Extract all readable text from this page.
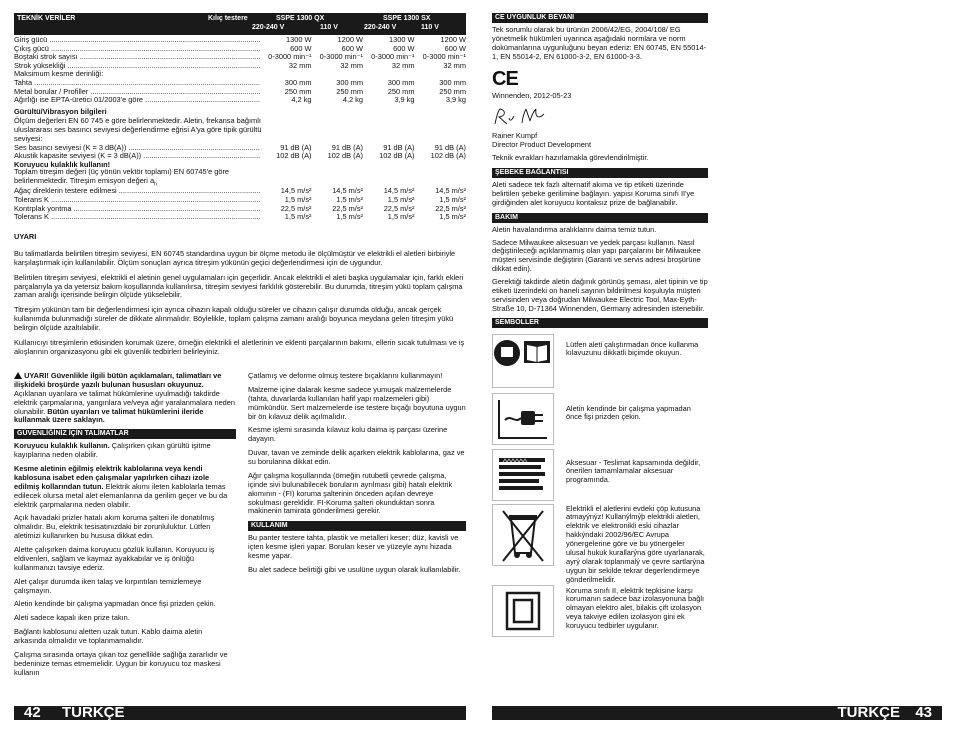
TEKNİK VERİLER	Kılıç testere	SSPE 1300 QX	SSPE 1300 SX
220-240 V	110 V	220-240 V	110 V
Giriş gücü .....	1300 W	1200 W	1300 W	1200 W
Çıkış gücü .....	600 W	600 W	600 W	600 W
Boştaki strok sayısı .....	0-3000 min⁻¹	0-3000 min⁻¹	0-3000 min⁻¹	0-3000 min⁻¹
Strok yüksekliği .....	32 mm	32 mm	32 mm	32 mm
Maksimum kesme derinliği:
Tahta .....	300 mm	300 mm	300 mm	300 mm
Metal borular / Profiller .....	250 mm	250 mm	250 mm	250 mm
Ağırlığı ise EPTA-üretici 01/2003'e göre .....	4,2 kg	4,2 kg	3,9 kg	3,9 kg
Gürültü/Vibrasyon bilgileri
Ölçüm değerleri EN 60 745 e göre belirlenmektedir. Aletin, frekansa bağımlı uluslararası ses basıncı seviyesi değerlendirme eğrisi A'ya göre tipik gürültü seviyesi:
Ses basıncı seviyesi (K = 3 dB(A)) .....	91 dB (A)	91 dB (A)	91 dB (A)	91 dB (A)
Akustik kapasite seviyesi (K = 3 dB(A)) .....	102 dB (A)	102 dB (A)	102 dB (A)	102 dB (A)
Koruyucu kulaklık kullanın!
Toplam titreşim değeri (üç yönün vektör toplamı) EN 60745'e göre belirlenmektedir. Titreşim emisyon değeri $a_h$
Ağaç direklerin testere edilmesi .....	14,5 m/s²	14,5 m/s²	14,5 m/s²	14,5 m/s²
Tolerans K .....	1,5 m/s²	1,5 m/s²	1,5 m/s²	1,5 m/s²
Kontrplak yontma .....	22,5 m/s²	22,5 m/s²	22,5 m/s²	22,5 m/s²
Tolerans K .....	1,5 m/s²	1,5 m/s²	1,5 m/s²	1,5 m/s²
UYARI

Bu talimatlarda belirtilen titreşim seviyesi, EN 60745 standardına uygun bir ölçme metodu ile ölçülmüştür ve elektrikli el aletleri birbiriyle karşılaştırmak için kullanılabilir. Ölçüm sonuçları ayrıca titreşim yükünün geçici değerlendirmesi için de uygundur.

Belirtilen titreşim seviyesi, elektrikli el aletinin genel uygulamaları için geçerlidir. Ancak elektrikli el aleti başka uygulamalar için, farklı ekleri parçalarıyla ya da yetersiz bakım koşullarında kullanılırsa, titreşim seviyesi farklılık gösterebilir. Bu durumda, titreşim yükü toplam çalışma zaman aralığı içerisinde belirgin ölçüde yükselebilir.

Titreşim yükünün tam bir değerlendirmesi için ayrıca cihazın kapalı olduğu süreler ve cihazın çalışır durumda olduğu, ancak gerçek kullanımda bulunmadığı süreler de dikkate alınmalıdır. Böylelikle, toplam çalışma zamanı aralığı boyunca meydana gelen titreşim yükü belirgin ölçüde azaltılabilir.

Kullanıcıyı titreşimlerin etkisinden korumak üzere, örneğin elektrikli el aletlerinin ve eklenti parçalarının bakımı, ellerin sıcak tutulması ve iş akışlarının organizasyonu gibi ek güvenlik tedbirleri belirleyiniz.

UYARI! Güvenlikle ilgili bütün açıklamaları, talimatları ve ilişkideki broşürde yazılı bulunan hususları okuyunuz. Açıklanan uyarılara ve talimat hükümlerine uyulmadığı takdirde elektrik çarpmalarına, yangınlara ve/veya ağır yaralanmalara neden olunabilir. Bütün uyarıları ve talimat hükümlerini ileride kullanmak üzere saklayın.
GÜVENLİĞİNİZ İÇİN TALİMATLAR

Koruyucu kulaklık kullanın. Çalışırken çıkan gürültü işitme kayıplarına neden olabilir.

Kesme aletinin eğilmiş elektrik kablolarına veya kendi kablosuna isabet eden çalışmalar yapılırken cihazı izole edilmiş kollarından tutun. Elektrik akımı ileten kablolarla temas edilecek olursa metal alet elemanlarına da gerilim geçer ve bu da elektrik çarpmalarına neden olabilir.

Açık havadaki prizler hatalı akım koruma şalteri ile donatılmış olmalıdır. Bu, elektrik tesisatınızdaki bir zorunluluktur. Lütfen aletimizi kullanırken bu hususa dikkat edin.

Alette çalışırken daima koruyucu gözlük kullanın. Koruyucu iş eldivenleri, sağlam ve kaymaz ayakkabılar ve iş önlüğü kullanmanızı tavsiye ederiz.

Alet çalışır durumda iken talaş ve kırpıntıları temizlemeye çalışmayın.

Aletin kendinde bir çalışma yapmadan önce fişi prizden çekin.

Aleti sadece kapalı iken prize takın.

Bağlantı kablosunu aletten uzak tutun. Kablo daima aletin arkasında olmalıdır ve toplanmamalıdır.

Çalışma sırasında ortaya çıkan toz genellikle sağlığa zararlıdır ve bedeninize temas etmemelidir. Uygun bir koruyucu toz maskesi kullanın

Çatlamış ve deforme olmuş testere bıçaklarını kullanmayın!

Malzeme içine dalarak kesme sadece yumuşak malzemelerde (tahta, duvarlarda kullanılan hafif yapı malzemeleri gibi) mümkündür. Sert malzemelerde ise testere bıçağı boyutuna uygun bir ön kılavuz delik açılmalıdır.

Kesme işlemi sırasında kılavuz kolu daima iş parçası üzerine dayayın.

Duvar, tavan ve zeminde delik açarken elektrik kablolarına, gaz ve su borularına dikkat edin.

Ağır çalışma koşullarında (örneğin rutubetli çevrede çalışma, içinde sivi bulunabilecek boruların ayrılması gibi) hatalı elektrik akımının - (FI) koruma şalterinin önceden açılan devreye sokulması gereklidir. FI-Koruma şalteri okunduktan sonra makinenin tamirata gönderilmesi gerekir.

KULLANIM

Bu panter testere tahta, plastik ve metalleri keser; düz, kavisli ve içten kesme işleri yapar. Boruları keser ve yüzeyle aynı hizada kesme yapar.

Bu alet sadece belirtiği gibi ve usulüne uygun olarak kullanılabilir.

42 TÜRKÇE
CE UYGUNLUK BEYANI

Tek sorumlu olarak bu ürünün 2006/42/EG, 2004/108/ EG yönetmelik hükümleri uyarınca aşağıdaki normlara ve norm dokümanlarına uygunluğunu beyan ederiz: EN 60745, EN 55014-1, EN 55014-2, EN 61000-3-2, EN 61000-3-3.

CE
Winnenden, 2012-05-23
Rainer Kumpf
Director Product Development
Teknik evrakları hazırlamakla görevlendirilmiştir.
ŞEBEKE BAĞLANTISI

Aleti sadece tek fazlı alternatif akıma ve tip etiketi üzerinde belirtilen şebeke gerilimine bağlayın. yapısı Koruma sınıfı II'ye girdiğinden alet koruyucu kontaksız prize de bağlanabilir.

BAKIM

Aletin havalandırma aralıklarını daima temiz tutun.

Sadece Milwaukee aksesuarı ve yedek parçası kullanın. Nasıl değiştirileceği açıklanmamış olan yapı parçalarını bir Milwaukee müşteri servisinde değiştirin (Garanti ve servis adresi broşürüne dikkat edin).

Gerektiği takdirde aletin dağınık görünüş şeması, alet tipinin ve tip etiketi üzerindeki on haneli sayının bildirilmesi koşuluyla müşteri servisinden veya doğrudan Milwaukee Electric Tool, Max-Eyth-Straße 10, D-71364 Winnenden, Germany adresinden istenebilir.

SEMBOLLER
Lütfen aleti çalıştırmadan önce kullanma kılavuzunu dikkatli biçimde okuyun.
Aletin kendinde bir çalışma yapmadan önce fişi prizden çekin.
Aksesuar - Teslimat kapsamında değildir, önerilen tamamlamalar aksesuar programında.
Elektrikli el aletlerini evdeki çöp kutusuna atmayýnýz! Kullanýlmýþ elektrikli aletleri, elektrik ve elektronikli eski cihazlar hakkýndaki 2002/96/EC Avrupa yönergelerine göre ve bu yönergeler ulusal hukuk kurallarýna göre uyarlanarak, ayrý olarak toplanmalý ve çevre sartlarýna uygun bir sekilde tekrar degerlendirmeye gönderilmelidir.
Koruma sınıfı II, elektrik tepkisine karşı korumanın sadece baz izolasyonuna bağlı olmayan elektro alet, bilakis çift izolasyon veya takviye edilen izolasyon gini ek koruyucu tedbirler uygulanır.
TÜRKÇE 43
